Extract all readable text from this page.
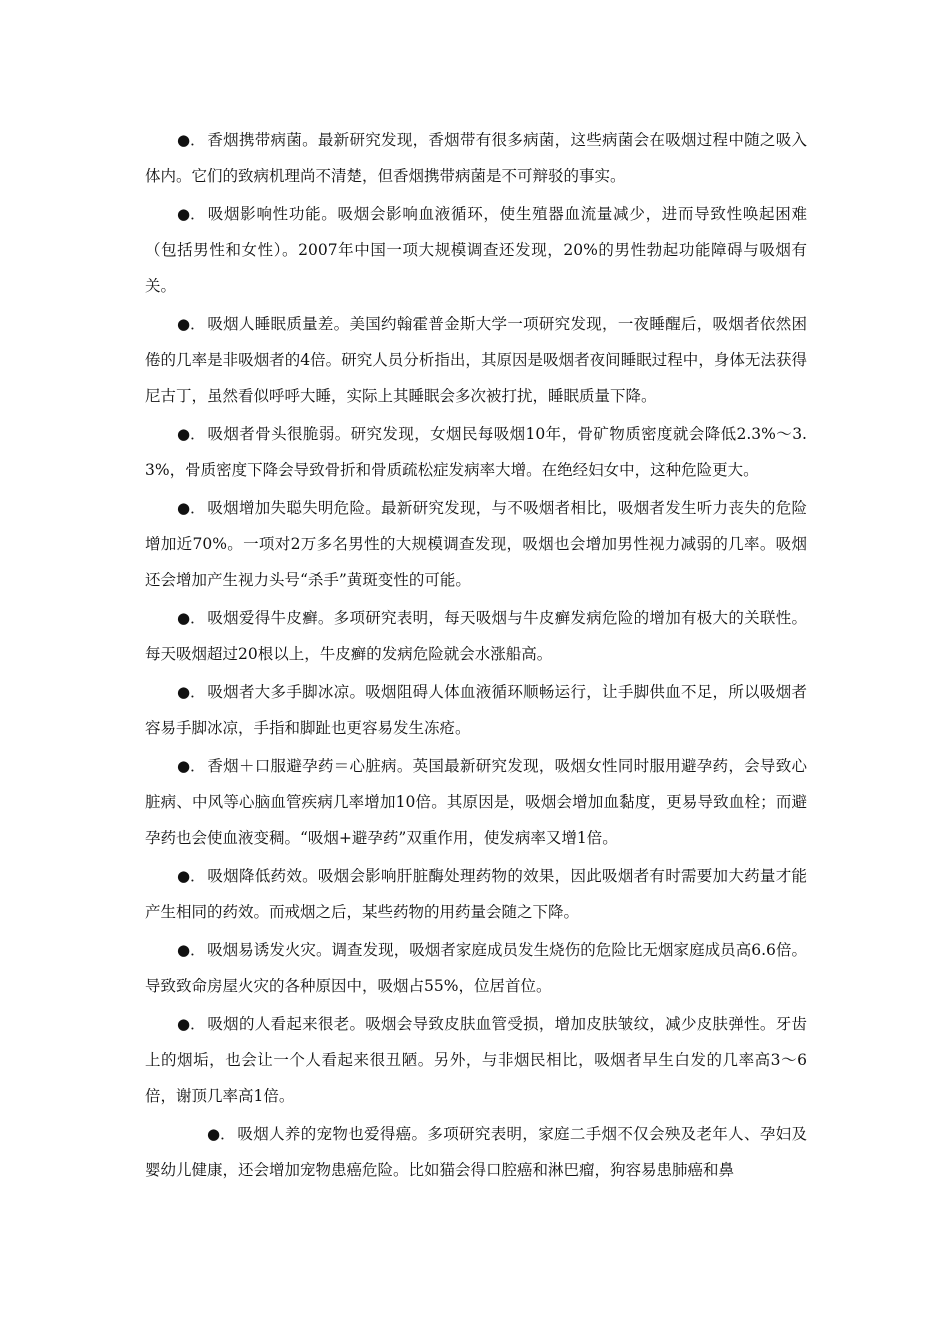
●． 香烟携带病菌。最新研究发现，香烟带有很多病菌，这些病菌会在吸烟过程中随之吸入体内。它们的致病机理尚不清楚，但香烟携带病菌是不可辩驳的事实。

●． 吸烟影响性功能。吸烟会影响血液循环，使生殖器血流量减少，进而导致性唤起困难（包括男性和女性）。2007年中国一项大规模调查还发现，20%的男性勃起功能障碍与吸烟有关。

●． 吸烟人睡眠质量差。美国约翰霍普金斯大学一项研究发现，一夜睡醒后，吸烟者依然困倦的几率是非吸烟者的4倍。研究人员分析指出，其原因是吸烟者夜间睡眠过程中，身体无法获得尼古丁，虽然看似呼呼大睡，实际上其睡眠会多次被打扰，睡眠质量下降。

●． 吸烟者骨头很脆弱。研究发现，女烟民每吸烟10年，骨矿物质密度就会降低2.3%～3.3%，骨质密度下降会导致骨折和骨质疏松症发病率大增。在绝经妇女中，这种危险更大。

●． 吸烟增加失聪失明危险。最新研究发现，与不吸烟者相比，吸烟者发生听力丧失的危险增加近70%。一项对2万多名男性的大规模调查发现，吸烟也会增加男性视力减弱的几率。吸烟还会增加产生视力头号“杀手”黄斑变性的可能。

●． 吸烟爱得牛皮癣。多项研究表明，每天吸烟与牛皮癣发病危险的增加有极大的关联性。每天吸烟超过20根以上，牛皮癣的发病危险就会水涨船高。

●． 吸烟者大多手脚冰凉。吸烟阻碍人体血液循环顺畅运行，让手脚供血不足，所以吸烟者容易手脚冰凉，手指和脚趾也更容易发生冻疮。

●． 香烟＋口服避孕药＝心脏病。英国最新研究发现，吸烟女性同时服用避孕药，会导致心脏病、中风等心脑血管疾病几率增加10倍。其原因是，吸烟会增加血黏度，更易导致血栓；而避孕药也会使血液变稠。“吸烟+避孕药”双重作用，使发病率又增1倍。

●． 吸烟降低药效。吸烟会影响肝脏酶处理药物的效果，因此吸烟者有时需要加大药量才能产生相同的药效。而戒烟之后，某些药物的用药量会随之下降。

●． 吸烟易诱发火灾。调查发现，吸烟者家庭成员发生烧伤的危险比无烟家庭成员高6.6倍。导致致命房屋火灾的各种原因中，吸烟占55%，位居首位。

●． 吸烟的人看起来很老。吸烟会导致皮肤血管受损，增加皮肤皱纹，减少皮肤弹性。牙齿上的烟垢，也会让一个人看起来很丑陋。另外，与非烟民相比，吸烟者早生白发的几率高3～6倍，谢顶几率高1倍。

●． 吸烟人养的宠物也爱得癌。多项研究表明，家庭二手烟不仅会殃及老年人、孕妇及婴幼儿健康，还会增加宠物患癌危险。比如猫会得口腔癌和淋巴瘤，狗容易患肺癌和鼻
